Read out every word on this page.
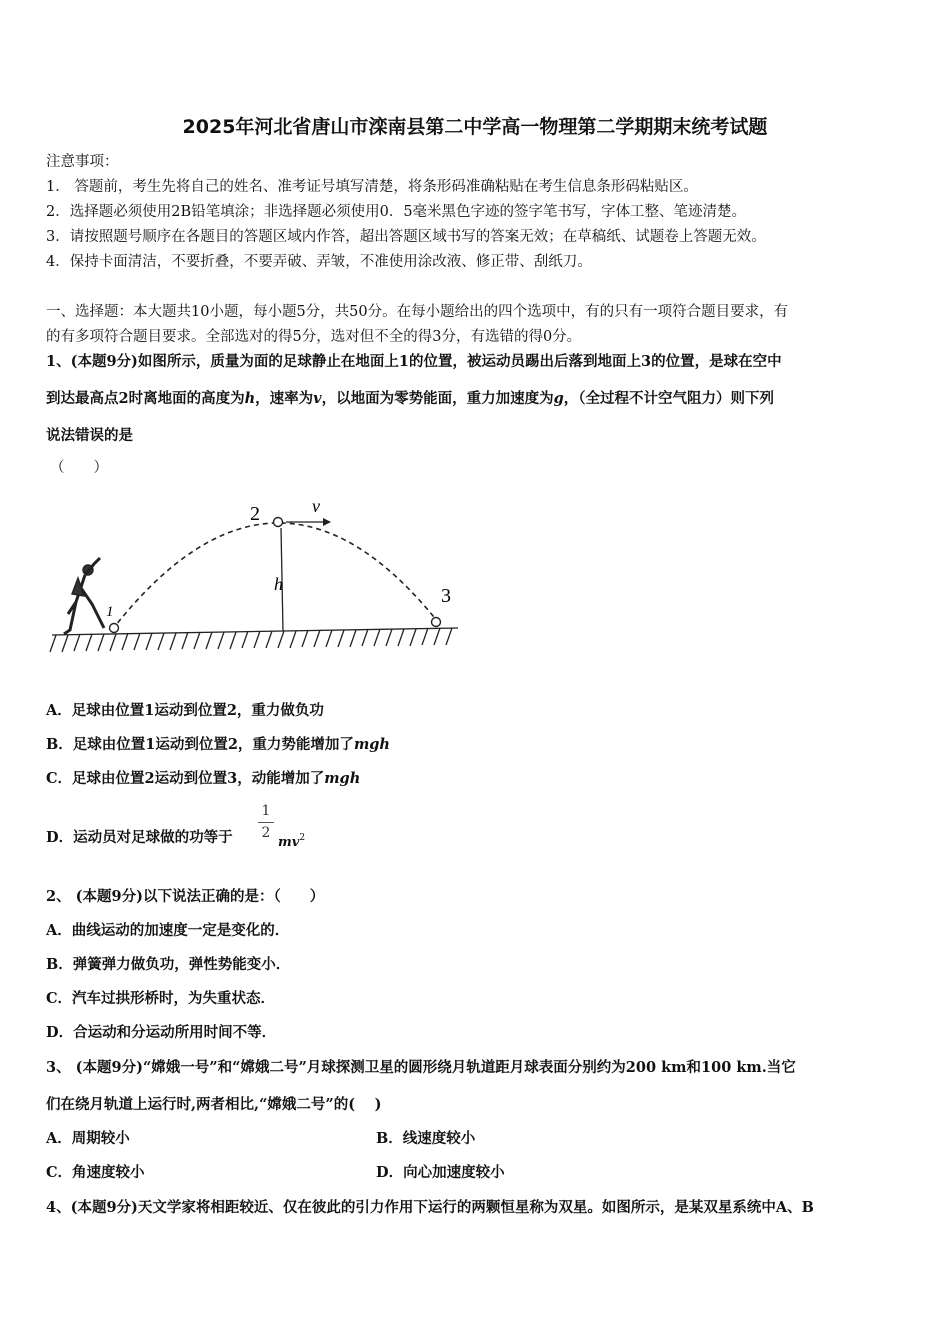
2025年河北省唐山市滦南县第二中学高一物理第二学期期末统考试题
注意事项：
1． 答题前，考生先将自己的姓名、准考证号填写清楚，将条形码准确粘贴在考生信息条形码粘贴区。
2．选择题必须使用2B铅笔填涂；非选择题必须使用0．5毫米黑色字迹的签字笔书写，字体工整、笔迹清楚。
3．请按照题号顺序在各题目的答题区域内作答，超出答题区域书写的答案无效；在草稿纸、试题卷上答题无效。
4．保持卡面清洁，不要折叠，不要弄破、弄皱，不准使用涂改液、修正带、刮纸刀。
一、选择题：本大题共10小题，每小题5分，共50分。在每小题给出的四个选项中，有的只有一项符合题目要求，有
的有多项符合题目要求。全部选对的得5分，选对但不全的得3分，有选错的得0分。
1、(本题9分)如图所示，质量为面的足球静止在地面上1的位置，被运动员踢出后落到地面上3的位置，是球在空中
到达最高点2时离地面的高度为h，速率为v，以地面为零势能面，重力加速度为g，（全过程不计空气阻力）则下列
说法错误的是
（　　）
1
2
3
h
v
A．足球由位置1运动到位置2，重力做负功
B．足球由位置1运动到位置2，重力势能增加了mgh
C．足球由位置2运动到位置3，动能增加了mgh
D．运动员对足球做的功等于
1
2
$mv^2$
2、 (本题9分)以下说法正确的是：（　　）
A．曲线运动的加速度一定是变化的．
B．弹簧弹力做负功，弹性势能变小．
C．汽车过拱形桥时，为失重状态．
D．合运动和分运动所用时间不等．
3、 (本题9分)“嫦娥一号”和“嫦娥二号”月球探测卫星的圆形绕月轨道距月球表面分别约为200 km和100 km.当它
们在绕月轨道上运行时,两者相比,“嫦娥二号”的(　 )
A．周期较小	B．线速度较小
C．角速度较小	D．向心加速度较小
4、(本题9分)天文学家将相距较近、仅在彼此的引力作用下运行的两颗恒星称为双星。如图所示，是某双星系统中A、B
